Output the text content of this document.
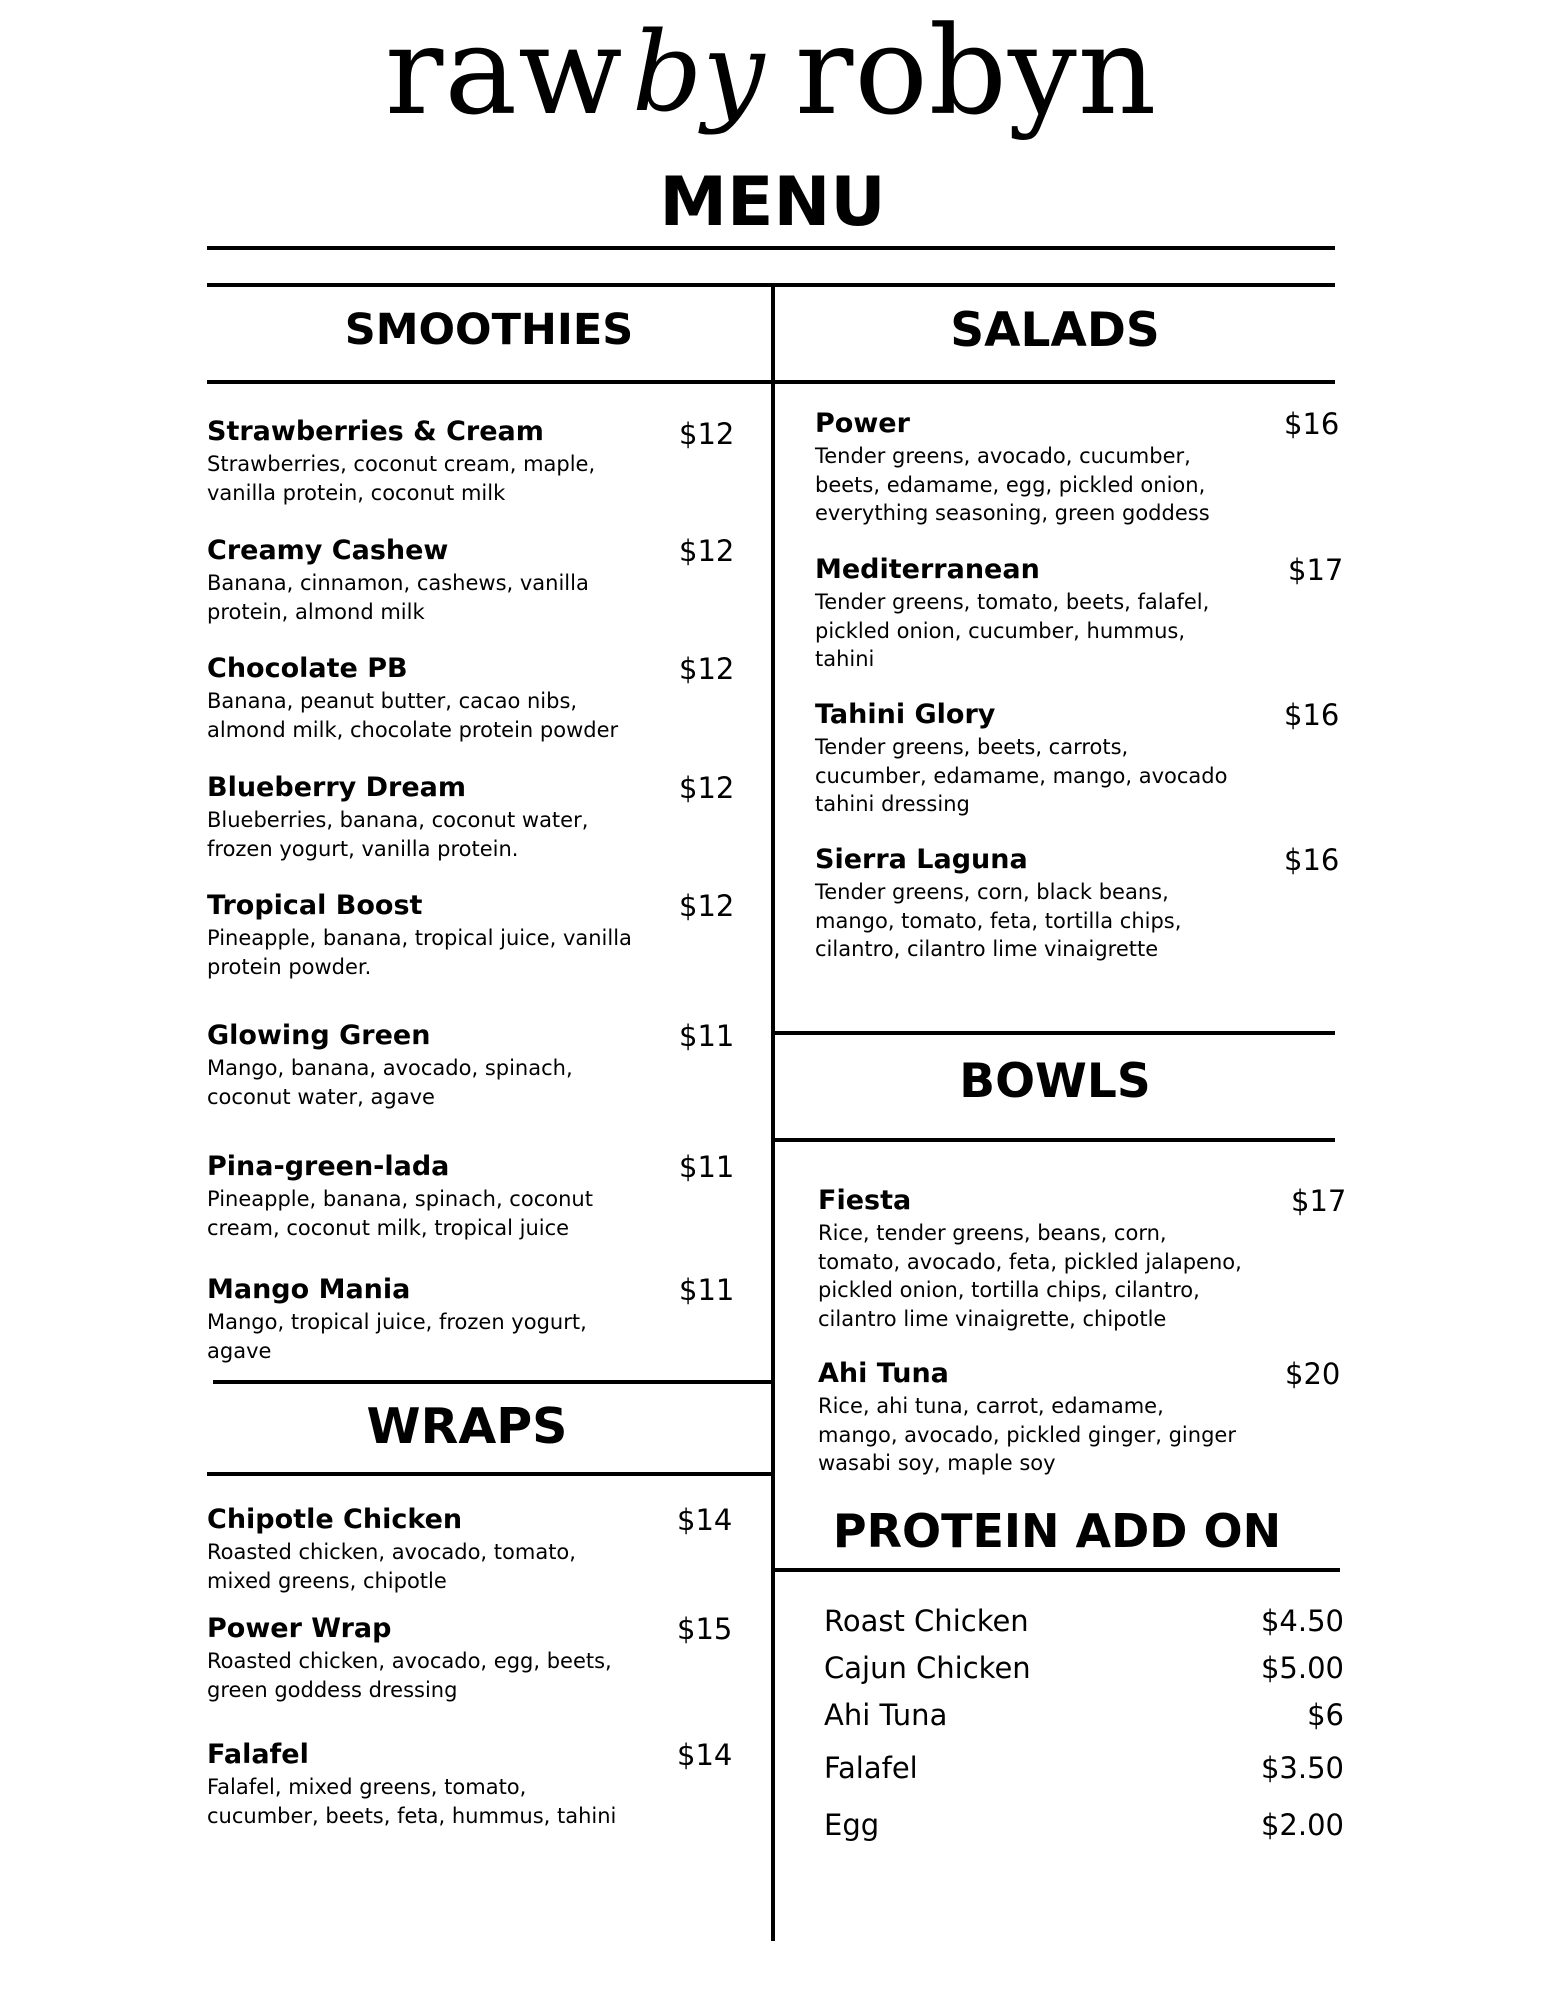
raw by robyn
MENU
SMOOTHIES
Strawberries & Cream	$12
Strawberries, coconut cream, maple, vanilla protein, coconut milk
Creamy Cashew	$12
Banana, cinnamon, cashews, vanilla protein, almond milk
Chocolate PB	$12
Banana, peanut butter, cacao nibs, almond milk, chocolate protein powder
Blueberry Dream	$12
Blueberries, banana, coconut water, frozen yogurt, vanilla protein.
Tropical Boost	$12
Pineapple, banana, tropical juice, vanilla protein powder.
Glowing Green	$11
Mango, banana, avocado, spinach, coconut water, agave
Pina-green-lada	$11
Pineapple, banana, spinach, coconut cream, coconut milk, tropical juice
Mango Mania	$11
Mango, tropical juice, frozen yogurt, agave
WRAPS
Chipotle Chicken	$14
Roasted chicken, avocado, tomato, mixed greens, chipotle
Power Wrap	$15
Roasted chicken, avocado, egg, beets, green goddess dressing
Falafel	$14
Falafel, mixed greens, tomato, cucumber, beets, feta, hummus, tahini
SALADS
Power	$16
Tender greens, avocado, cucumber, beets, edamame, egg, pickled onion, everything seasoning, green goddess
Mediterranean	$17
Tender greens, tomato, beets, falafel, pickled onion, cucumber, hummus, tahini
Tahini Glory	$16
Tender greens, beets, carrots, cucumber, edamame, mango, avocado tahini dressing
Sierra Laguna	$16
Tender greens, corn, black beans, mango, tomato, feta, tortilla chips, cilantro, cilantro lime vinaigrette
BOWLS
Fiesta	$17
Rice, tender greens, beans, corn, tomato, avocado, feta, pickled jalapeno, pickled onion, tortilla chips, cilantro, cilantro lime vinaigrette, chipotle
Ahi Tuna	$20
Rice, ahi tuna, carrot, edamame, mango, avocado, pickled ginger, ginger wasabi soy, maple soy
PROTEIN ADD ON
Roast Chicken	$4.50
Cajun Chicken	$5.00
Ahi Tuna	$6
Falafel	$3.50
Egg	$2.00
